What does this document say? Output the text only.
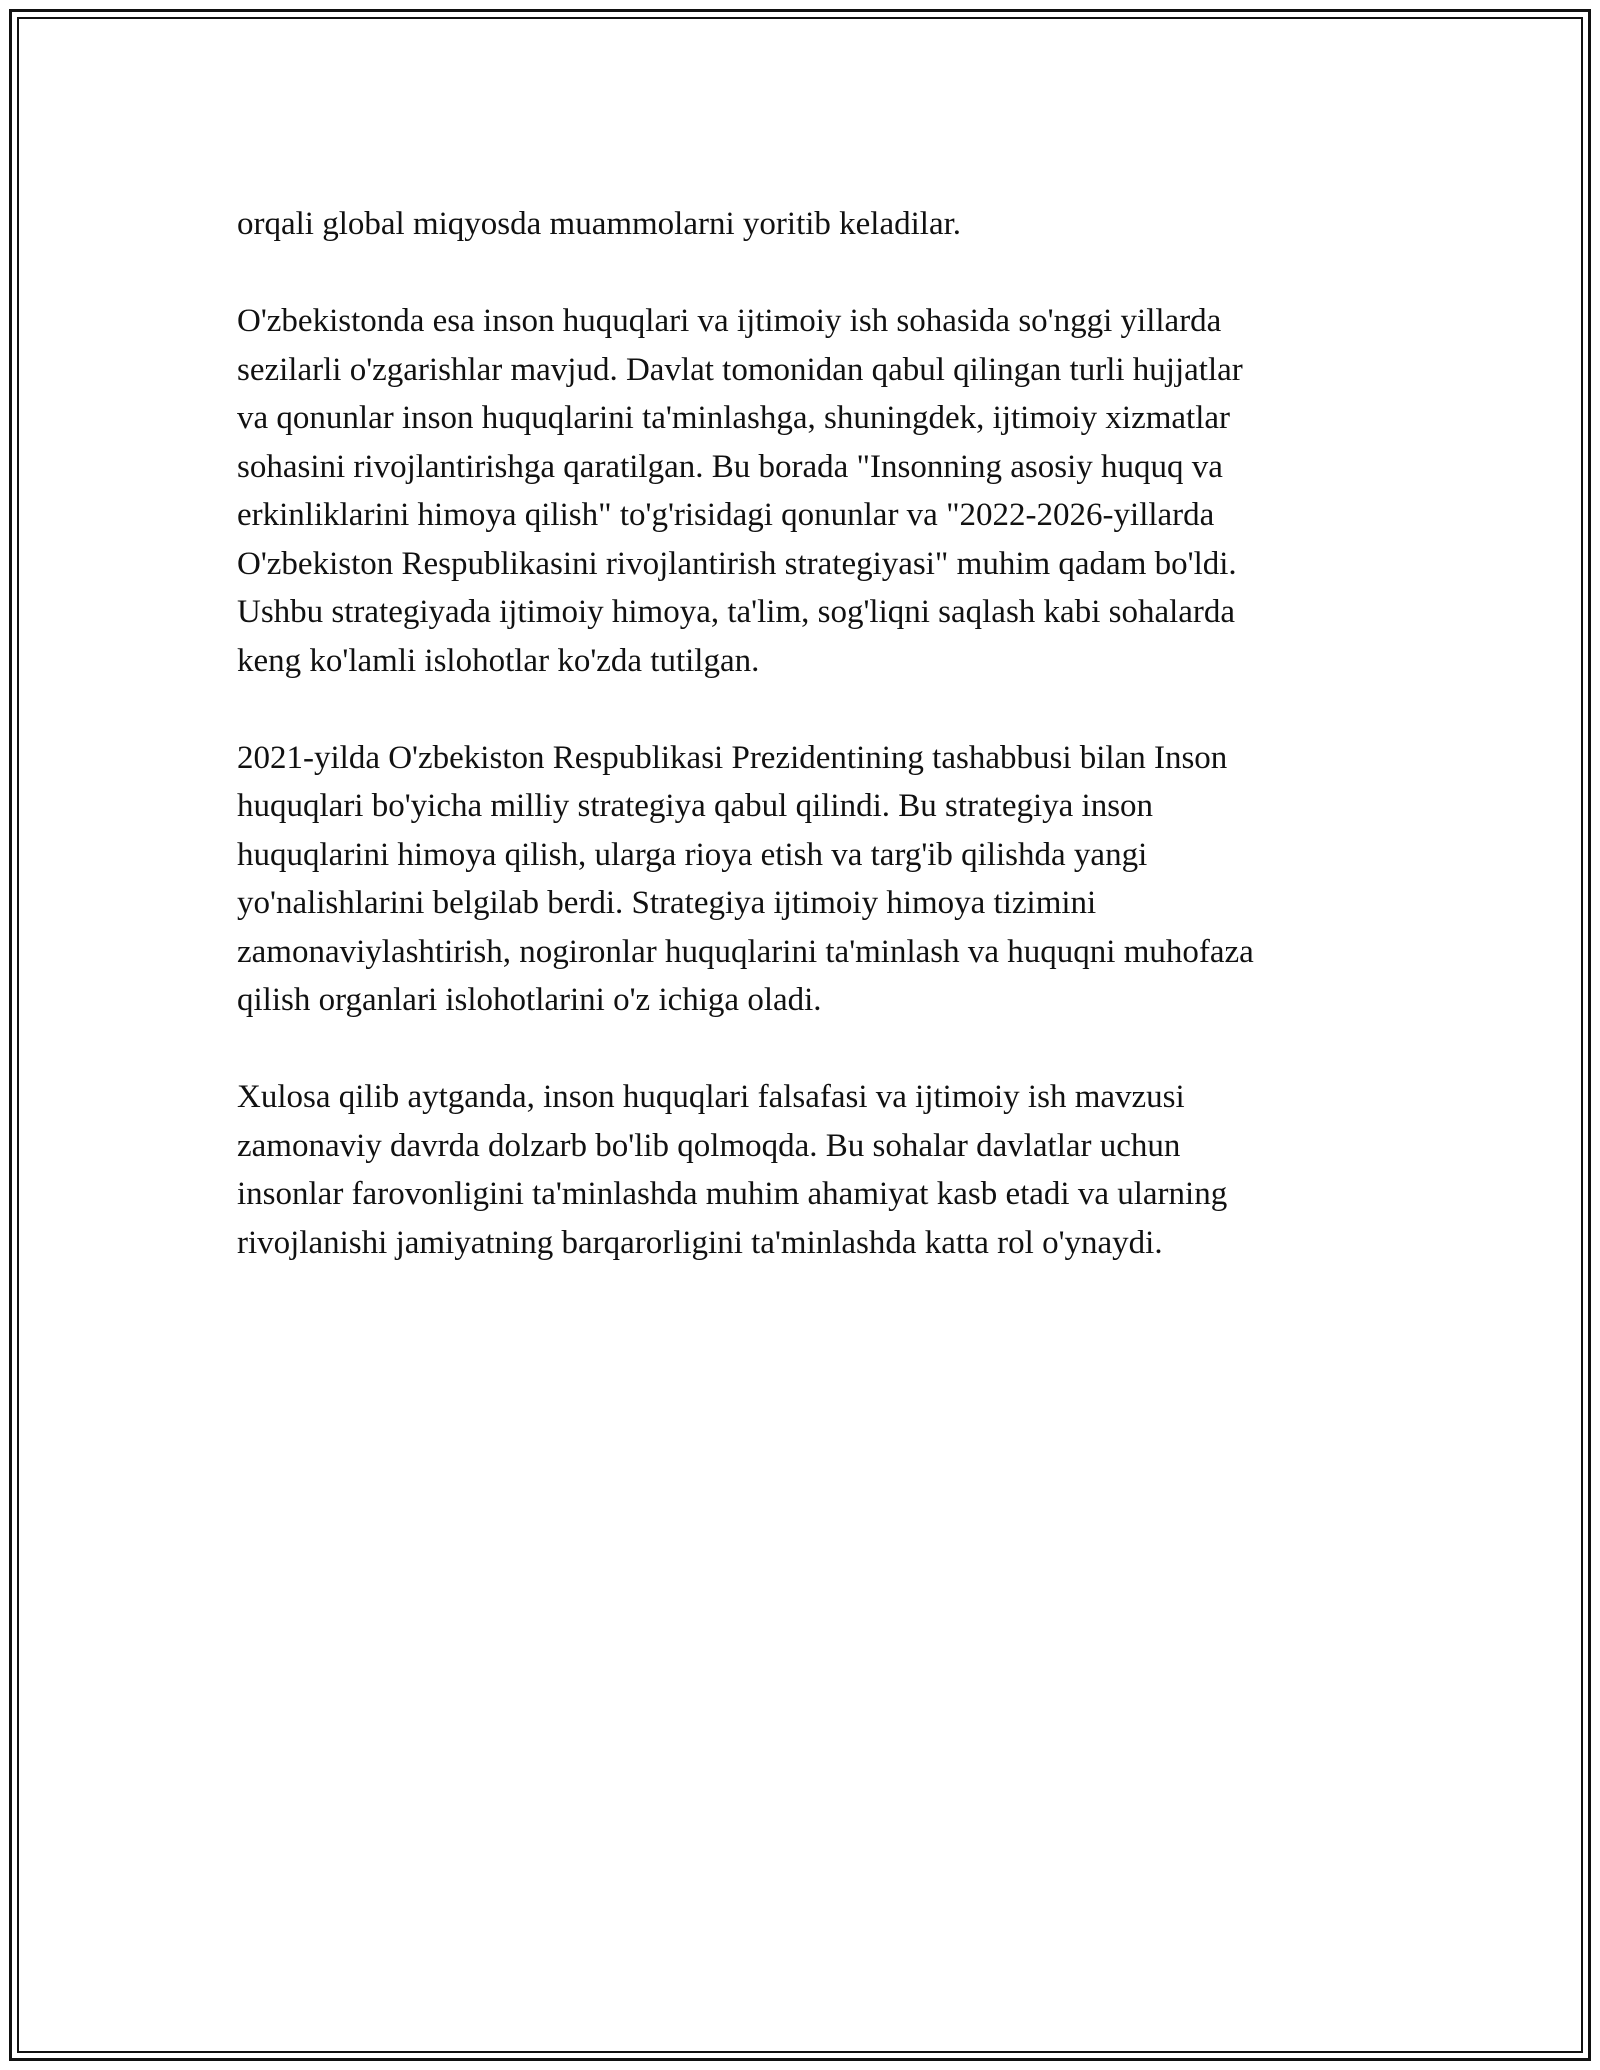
orqali global miqyosda muammolarni yoritib keladilar.

O'zbekistonda esa inson huquqlari va ijtimoiy ish sohasida so'nggi yillarda
sezilarli o'zgarishlar mavjud. Davlat tomonidan qabul qilingan turli hujjatlar
va qonunlar inson huquqlarini ta'minlashga, shuningdek, ijtimoiy xizmatlar
sohasini rivojlantirishga qaratilgan. Bu borada "Insonning asosiy huquq va
erkinliklarini himoya qilish" to'g'risidagi qonunlar va "2022-2026-yillarda
O'zbekiston Respublikasini rivojlantirish strategiyasi" muhim qadam bo'ldi.
Ushbu strategiyada ijtimoiy himoya, ta'lim, sog'liqni saqlash kabi sohalarda
keng ko'lamli islohotlar ko'zda tutilgan.

2021-yilda O'zbekiston Respublikasi Prezidentining tashabbusi bilan Inson
huquqlari bo'yicha milliy strategiya qabul qilindi. Bu strategiya inson
huquqlarini himoya qilish, ularga rioya etish va targ'ib qilishda yangi
yo'nalishlarini belgilab berdi. Strategiya ijtimoiy himoya tizimini
zamonaviylashtirish, nogironlar huquqlarini ta'minlash va huquqni muhofaza
qilish organlari islohotlarini o'z ichiga oladi.

Xulosa qilib aytganda, inson huquqlari falsafasi va ijtimoiy ish mavzusi
zamonaviy davrda dolzarb bo'lib qolmoqda. Bu sohalar davlatlar uchun
insonlar farovonligini ta'minlashda muhim ahamiyat kasb etadi va ularning
rivojlanishi jamiyatning barqarorligini ta'minlashda katta rol o'ynaydi.
